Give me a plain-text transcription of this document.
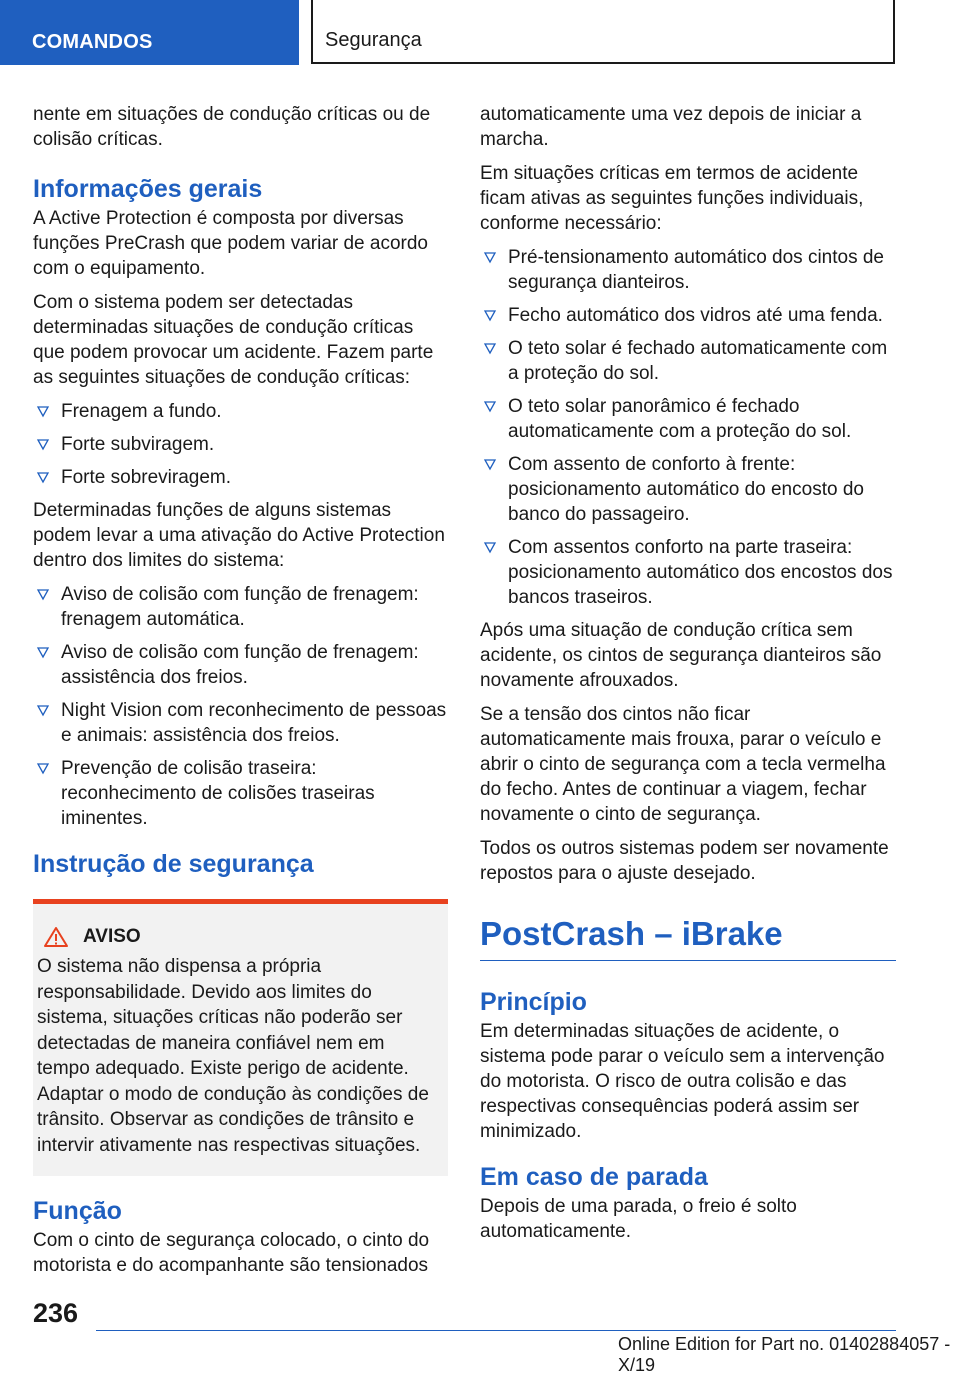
COMANDOS	Segurança

nente em situações de condução críticas ou de colisão críticas.

Informações gerais

A Active Protection é composta por diversas funções PreCrash que podem variar de acordo com o equipamento.

Com o sistema podem ser detectadas determinadas situações de condução críticas que podem provocar um acidente. Fazem parte as seguintes situações de condução críticas:

Frenagem a fundo.
Forte subviragem.
Forte sobreviragem.

Determinadas funções de alguns sistemas podem levar a uma ativação do Active Protection dentro dos limites do sistema:

Aviso de colisão com função de frenagem: frenagem automática.
Aviso de colisão com função de frenagem: assistência dos freios.
Night Vision com reconhecimento de pessoas e animais: assistência dos freios.
Prevenção de colisão traseira: reconhecimento de colisões traseiras iminentes.
Instrução de segurança
AVISO

O sistema não dispensa a própria responsabilidade. Devido aos limites do sistema, situações críticas não poderão ser detectadas de maneira confiável nem em tempo adequado. Existe perigo de acidente. Adaptar o modo de condução às condições de trânsito. Observar as condições de trânsito e intervir ativamente nas respectivas situações.

Função

Com o cinto de segurança colocado, o cinto do motorista e do acompanhante são tensionados

automaticamente uma vez depois de iniciar a marcha.

Em situações críticas em termos de acidente ficam ativas as seguintes funções individuais, conforme necessário:

Pré-tensionamento automático dos cintos de segurança dianteiros.
Fecho automático dos vidros até uma fenda.
O teto solar é fechado automaticamente com a proteção do sol.
O teto solar panorâmico é fechado automaticamente com a proteção do sol.
Com assento de conforto à frente: posicionamento automático do encosto do banco do passageiro.
Com assentos conforto na parte traseira: posicionamento automático dos encostos dos bancos traseiros.

Após uma situação de condução crítica sem acidente, os cintos de segurança dianteiros são novamente afrouxados.

Se a tensão dos cintos não ficar automaticamente mais frouxa, parar o veículo e abrir o cinto de segurança com a tecla vermelha do fecho. Antes de continuar a viagem, fechar novamente o cinto de segurança.

Todos os outros sistemas podem ser novamente repostos para o ajuste desejado.

PostCrash – iBrake
Princípio

Em determinadas situações de acidente, o sistema pode parar o veículo sem a intervenção do motorista. O risco de outra colisão e das respectivas consequências poderá assim ser minimizado.

Em caso de parada

Depois de uma parada, o freio é solto automaticamente.

236
Online Edition for Part no. 01402884057 - X/19
